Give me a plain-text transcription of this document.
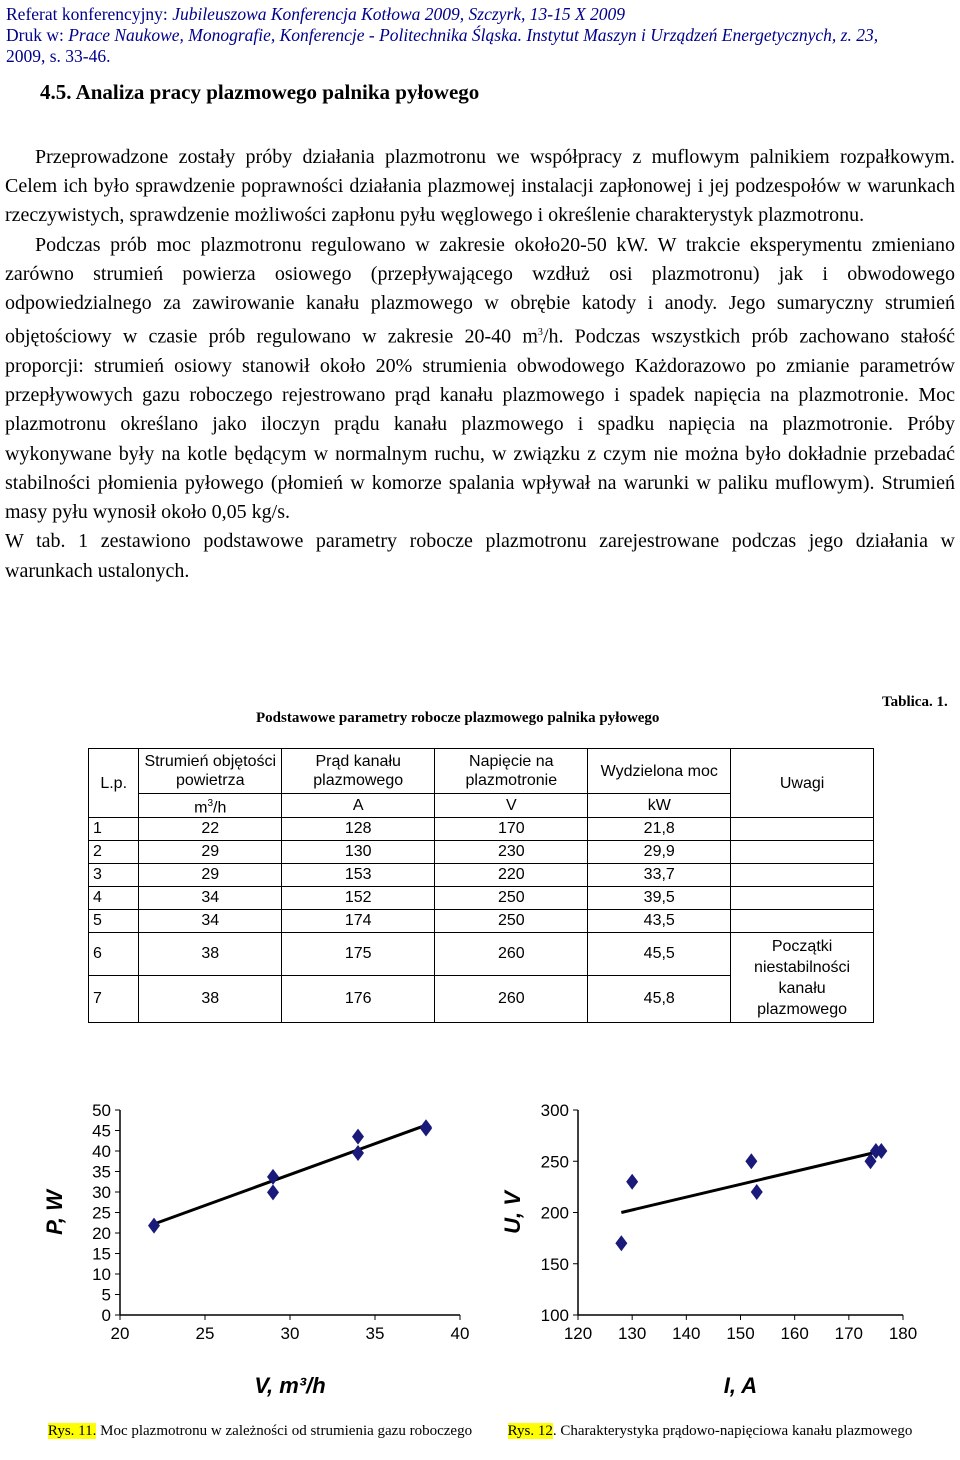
Referat konferencyjny: Jubileuszowa Konferencja Kotłowa 2009, Szczyrk, 13-15 X 2009
Druk w: Prace Naukowe, Monografie, Konferencje - Politechnika Śląska. Instytut Maszyn i Urządzeń Energetycznych, z. 23,
2009, s. 33-46.
4.5. Analiza pracy plazmowego palnika pyłowego

Przeprowadzone zostały próby działania plazmotronu we współpracy z muflowym palnikiem rozpałkowym. Celem ich było sprawdzenie poprawności działania plazmowej instalacji zapłonowej i jej podzespołów w warunkach rzeczywistych, sprawdzenie możliwości zapłonu pyłu węglowego i określenie charakterystyk plazmotronu.

Podczas prób moc plazmotronu regulowano w zakresie około20-50 kW. W trakcie eksperymentu zmieniano zarówno strumień powierza osiowego (przepływającego wzdłuż osi plazmotronu) jak i obwodowego odpowiedzialnego za zawirowanie kanału plazmowego w obrębie katody i anody. Jego sumaryczny strumień objętościowy w czasie prób regulowano w zakresie 20-40 $m^3/h$. Podczas wszystkich prób zachowano stałość proporcji: strumień osiowy stanowił około 20% strumienia obwodowego Każdorazowo po zmianie parametrów przepływowych gazu roboczego rejestrowano prąd kanału plazmowego i spadek napięcia na plazmotronie. Moc plazmotronu określano jako iloczyn prądu kanału plazmowego i spadku napięcia na plazmotronie. Próby wykonywane były na kotle będącym w normalnym ruchu, w związku z czym nie można było dokładnie przebadać stabilności płomienia pyłowego (płomień w komorze spalania wpływał na warunki w paliku muflowym). Strumień masy pyłu wynosił około 0,05 kg/s.

W tab. 1 zestawiono podstawowe parametry robocze plazmotronu zarejestrowane podczas jego działania w warunkach ustalonych.

Tablica. 1.
Podstawowe parametry robocze plazmowego palnika pyłowego
L.p.	Strumień objętości powietrza	Prąd kanału plazmowego	Napięcie na plazmotronie	Wydzielona moc	Uwagi
	$m^3/h$	A	V	kW	
1	22	128	170	21,8	
2	29	130	230	29,9	
3	29	153	220	33,7	
4	34	152	250	39,5	
5	34	174	250	43,5	
6	38	175	260	45,5	Początki niestabilności kanału plazmowego
7	38	176	260	45,8	
0
5
10
15
20
25
30
35
40
45
50
20	25	30	35	40
V, m³/h
P, W
100
150
200
250
300
120 130 140 150 160 170 180
I, A
U, V
Rys. 11. Moc plazmotronu w zależności od strumienia gazu roboczego	Rys. 12. Charakterystyka prądowo-napięciowa kanału plazmowego
